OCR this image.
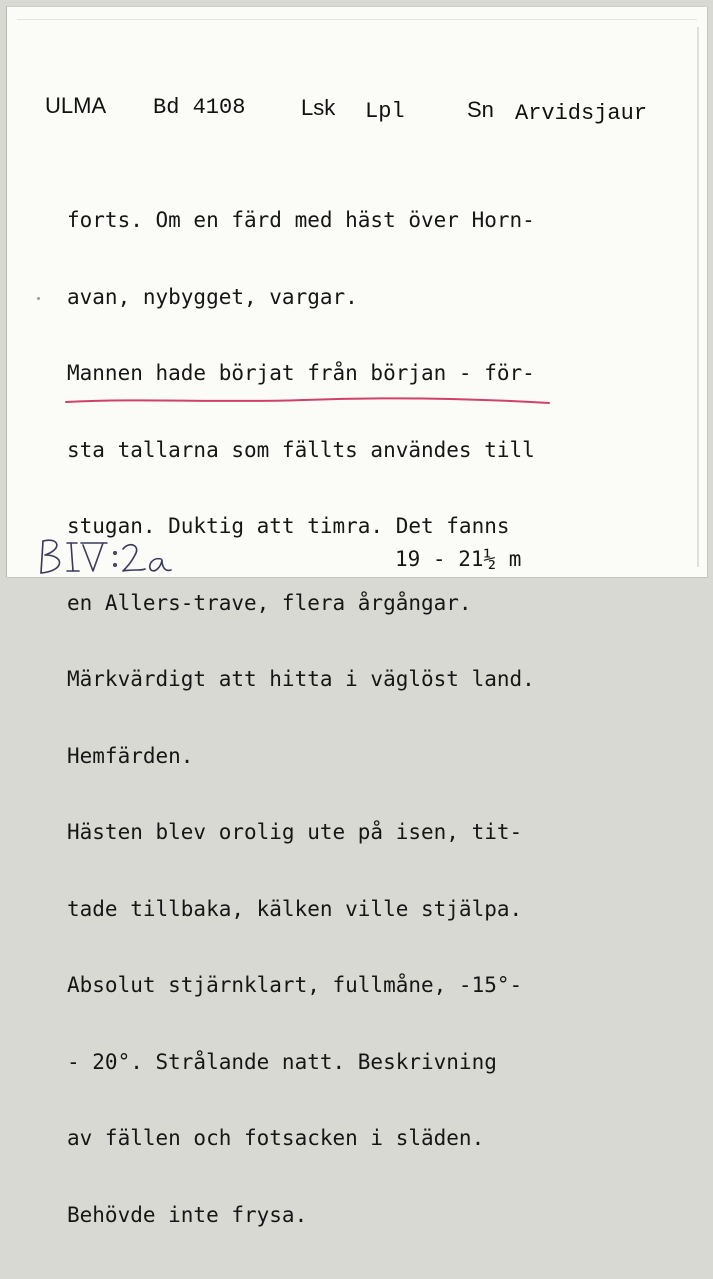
ULMA Bd 4108	Lsk Lpl	Sn Arvidsjaur

forts. Om en färd med häst över Horn-

avan, nybygget, vargar.

Mannen hade börjat från början - för-

sta tallarna som fällts användes till

stugan. Duktig att timra. Det fanns

en Allers-trave, flera årgångar.

Märkvärdigt att hitta i väglöst land.

Hemfärden.

Hästen blev orolig ute på isen, tit-

tade tillbaka, kälken ville stjälpa.

Absolut stjärnklart, fullmåne, -15°-

- 20°. Strålande natt. Beskrivning

av fällen och fotsacken i släden.

Behövde inte frysa.

19 - 21½ m
